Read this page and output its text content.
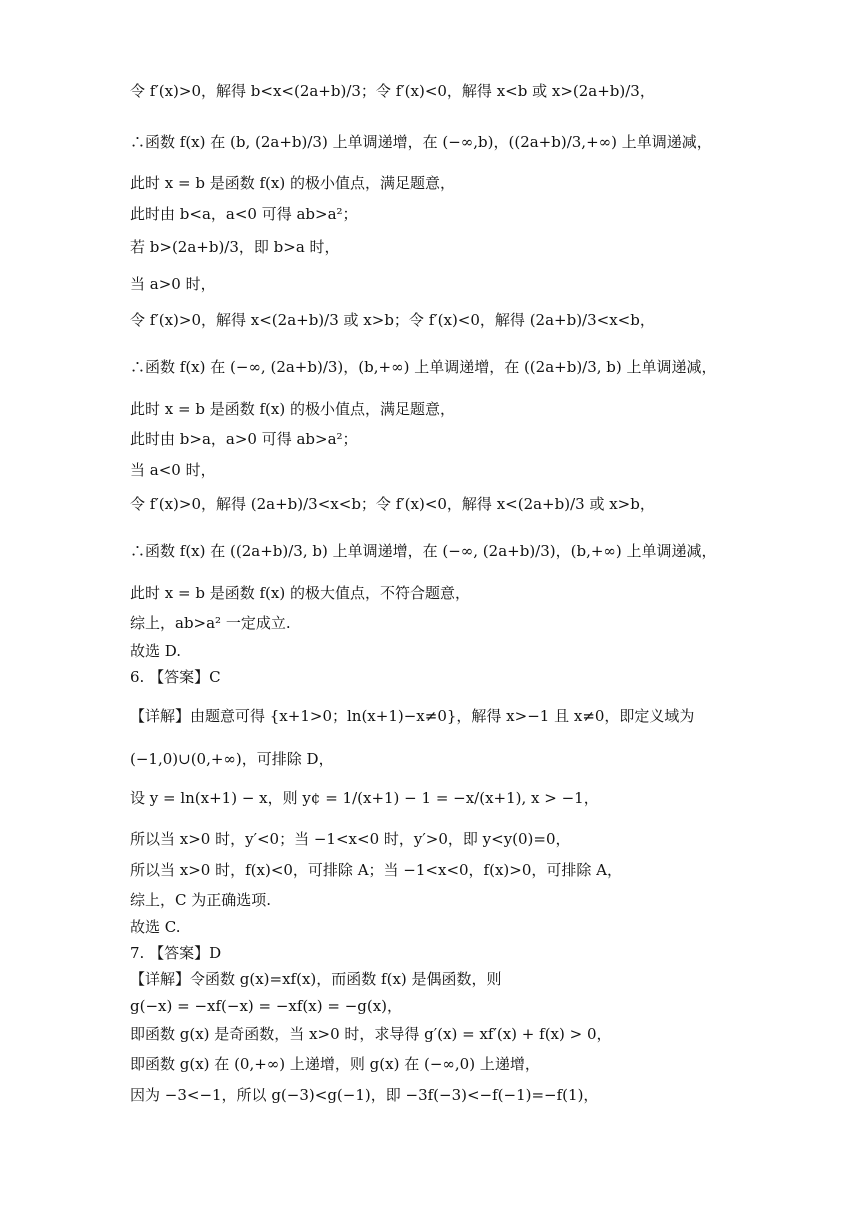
令 f′(x)>0，解得 b<x<(2a+b)/3；令 f′(x)<0，解得 x<b 或 x>(2a+b)/3，
∴函数 f(x) 在 (b, (2a+b)/3) 上单调递增，在 (−∞,b)，((2a+b)/3,+∞) 上单调递减，
此时 x = b 是函数 f(x) 的极小值点，满足题意，
此时由 b<a，a<0 可得 ab>a²；
若 b>(2a+b)/3，即 b>a 时，
当 a>0 时，
令 f′(x)>0，解得 x<(2a+b)/3 或 x>b；令 f′(x)<0，解得 (2a+b)/3<x<b，
∴函数 f(x) 在 (−∞, (2a+b)/3)，(b,+∞) 上单调递增，在 ((2a+b)/3, b) 上单调递减，
此时 x = b 是函数 f(x) 的极小值点，满足题意，
此时由 b>a，a>0 可得 ab>a²；
当 a<0 时，
令 f′(x)>0，解得 (2a+b)/3<x<b；令 f′(x)<0，解得 x<(2a+b)/3 或 x>b，
∴函数 f(x) 在 ((2a+b)/3, b) 上单调递增，在 (−∞, (2a+b)/3)，(b,+∞) 上单调递减，
此时 x = b 是函数 f(x) 的极大值点，不符合题意，
综上，ab>a² 一定成立.
故选 D.
6. 【答案】C
【详解】由题意可得 {x+1>0；ln(x+1)−x≠0}，解得 x>−1 且 x≠0，即定义域为
(−1,0)∪(0,+∞)，可排除 D，
设 y = ln(x+1) − x，则 y¢ = 1/(x+1) − 1 = −x/(x+1), x > −1，
所以当 x>0 时，y′<0；当 −1<x<0 时，y′>0，即 y<y(0)=0，
所以当 x>0 时，f(x)<0，可排除 A；当 −1<x<0，f(x)>0，可排除 A，
综上，C 为正确选项.
故选 C.
7. 【答案】D
【详解】令函数 g(x)=xf(x)，而函数 f(x) 是偶函数，则
g(−x) = −xf(−x) = −xf(x) = −g(x)，
即函数 g(x) 是奇函数，当 x>0 时，求导得 g′(x) = xf′(x) + f(x) > 0，
即函数 g(x) 在 (0,+∞) 上递增，则 g(x) 在 (−∞,0) 上递增，
因为 −3<−1，所以 g(−3)<g(−1)，即 −3f(−3)<−f(−1)=−f(1)，
